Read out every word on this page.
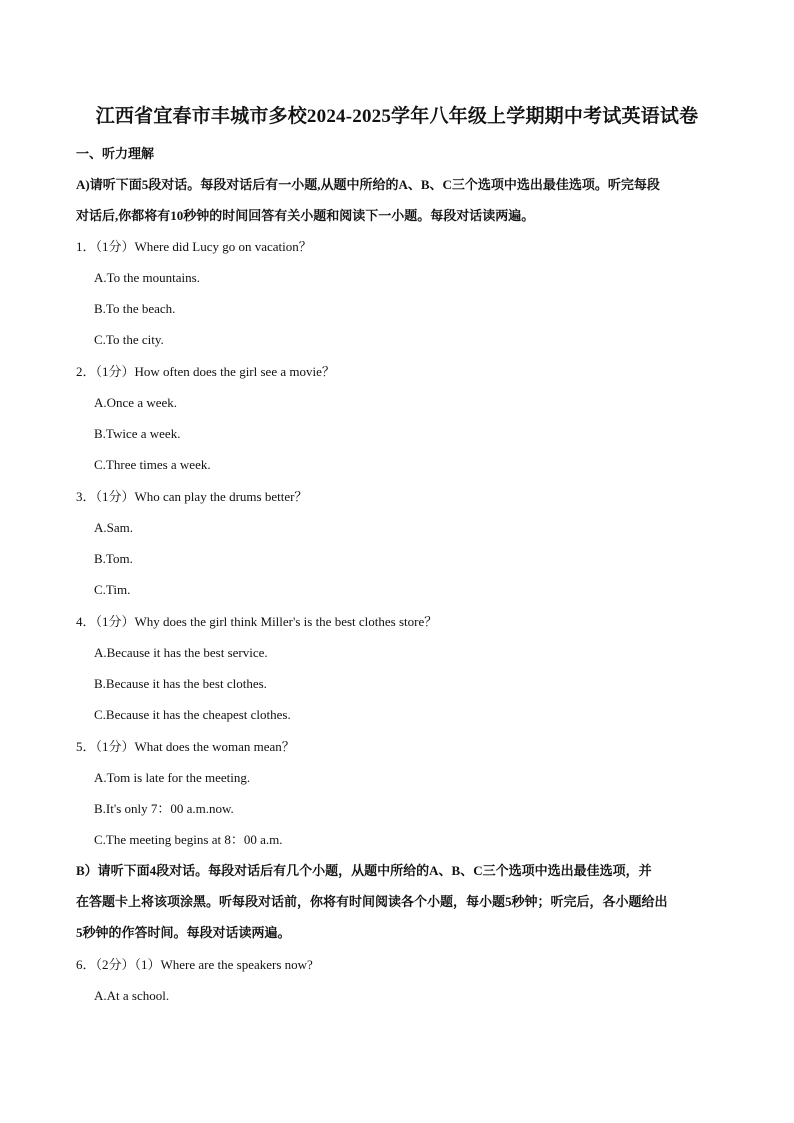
江西省宜春市丰城市多校2024-2025学年八年级上学期期中考试英语试卷
一、听力理解
A)请听下面5段对话。每段对话后有一小题,从题中所给的A、B、C三个选项中选出最佳选项。听完每段
对话后,你都将有10秒钟的时间回答有关小题和阅读下一小题。每段对话读两遍。
1．（1分）Where did Lucy go on vacation？
A.To the mountains.
B.To the beach.
C.To the city.
2．（1分）How often does the girl see a movie？
A.Once a week.
B.Twice a week.
C.Three times a week.
3．（1分）Who can play the drums better？
A.Sam.
B.Tom.
C.Tim.
4．（1分）Why does the girl think Miller's is the best clothes store？
A.Because it has the best service.
B.Because it has the best clothes.
C.Because it has the cheapest clothes.
5．（1分）What does the woman mean？
A.Tom is late for the meeting.
B.It's only 7：00 a.m.now.
C.The meeting begins at 8：00 a.m.
B）请听下面4段对话。每段对话后有几个小题，从题中所给的A、B、C三个选项中选出最佳选项，并
在答题卡上将该项涂黑。听每段对话前，你将有时间阅读各个小题，每小题5秒钟；听完后，各小题给出
5秒钟的作答时间。每段对话读两遍。
6．（2分）（1）Where are the speakers now?
A.At a school.
